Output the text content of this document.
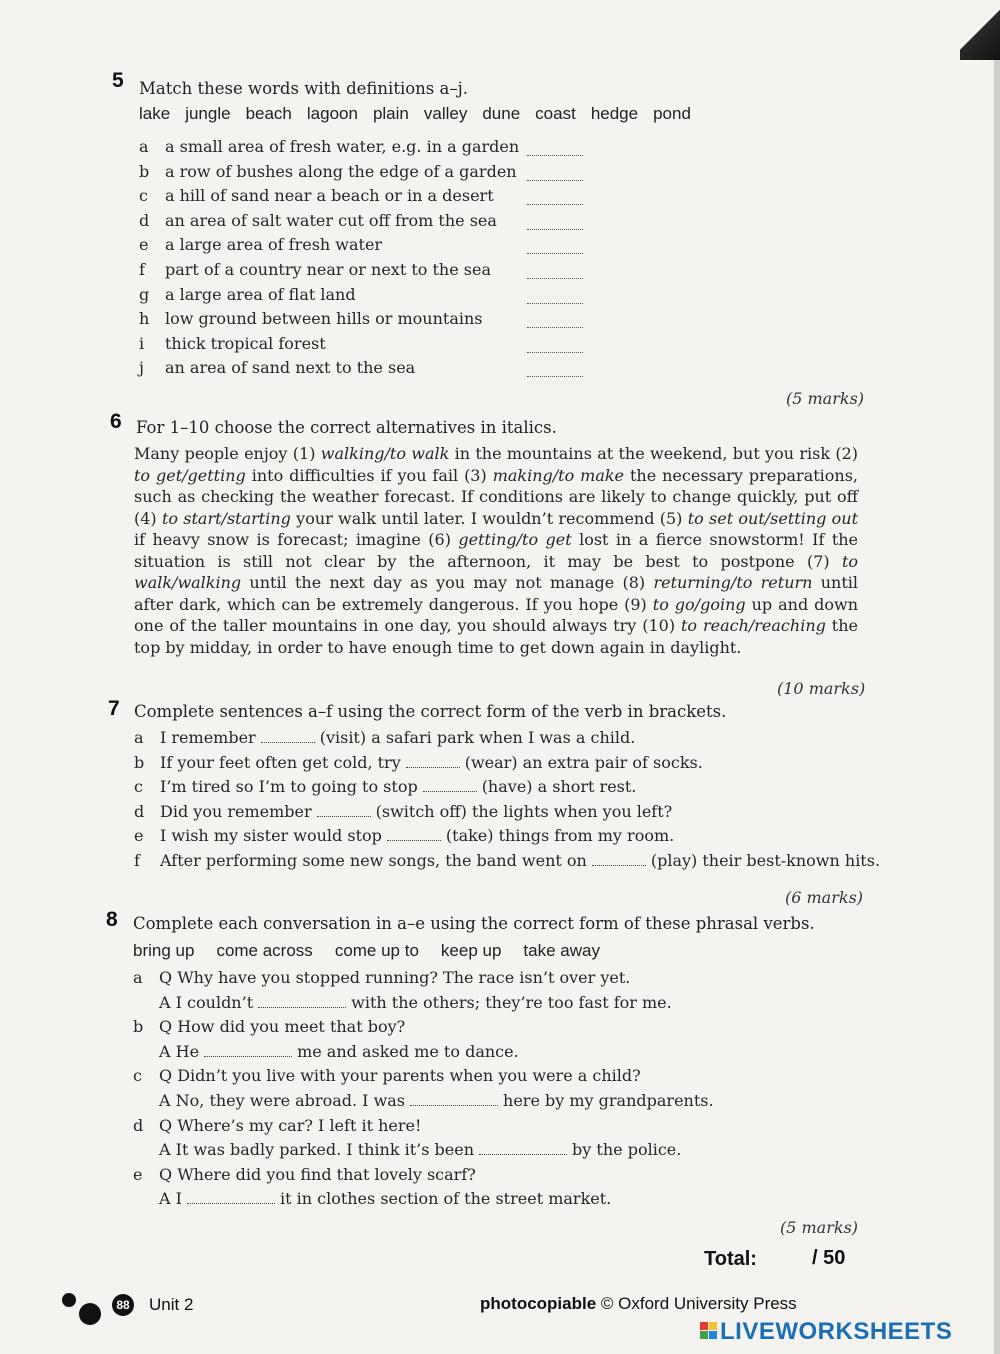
5 Match these words with definitions a–j.
lake jungle beach lagoon plain valley dune coast hedge pond
a a small area of fresh water, e.g. in a garden
b a row of bushes along the edge of a garden
c a hill of sand near a beach or in a desert
d an area of salt water cut off from the sea
e a large area of fresh water
f part of a country near or next to the sea
g a large area of flat land
h low ground between hills or mountains
i thick tropical forest
j an area of sand next to the sea
(5 marks)
6 For 1–10 choose the correct alternatives in italics.
Many people enjoy (1) walking/to walk in the mountains at the weekend, but you risk (2) to get/getting into difficulties if you fail (3) making/to make the necessary preparations, such as checking the weather forecast. If conditions are likely to change quickly, put off (4) to start/starting your walk until later. I wouldn’t recommend (5) to set out/setting out if heavy snow is forecast; imagine (6) getting/to get lost in a fierce snowstorm! If the situation is still not clear by the afternoon, it may be best to postpone (7) to walk/walking until the next day as you may not manage (8) returning/to return until after dark, which can be extremely dangerous. If you hope (9) to go/going up and down one of the taller mountains in one day, you should always try (10) to reach/reaching the top by midday, in order to have enough time to get down again in daylight.
(10 marks)
7 Complete sentences a–f using the correct form of the verb in brackets.
a I remember	(visit) a safari park when I was a child.
b If your feet often get cold, try	(wear) an extra pair of socks.
c I’m tired so I’m to going to stop	(have) a short rest.
d Did you remember	(switch off) the lights when you left?
e I wish my sister would stop	(take) things from my room.
f After performing some new songs, the band went on	(play) their best-known hits.
(6 marks)
8 Complete each conversation in a–e using the correct form of these phrasal verbs.
bring up come across come up to keep up take away
a Q Why have you stopped running? The race isn’t over yet.
A I couldn’t	with the others; they’re too fast for me.
b Q How did you meet that boy?
A He	me and asked me to dance.
c Q Didn’t you live with your parents when you were a child?
A No, they were abroad. I was	here by my grandparents.
d Q Where’s my car? I left it here!
A It was badly parked. I think it’s been	by the police.
e Q Where did you find that lovely scarf?
A I	it in clothes section of the street market.
(5 marks)
Total:	/ 50
88 Unit 2	photocopiable © Oxford University Press
LIVEWORKSHEETS
